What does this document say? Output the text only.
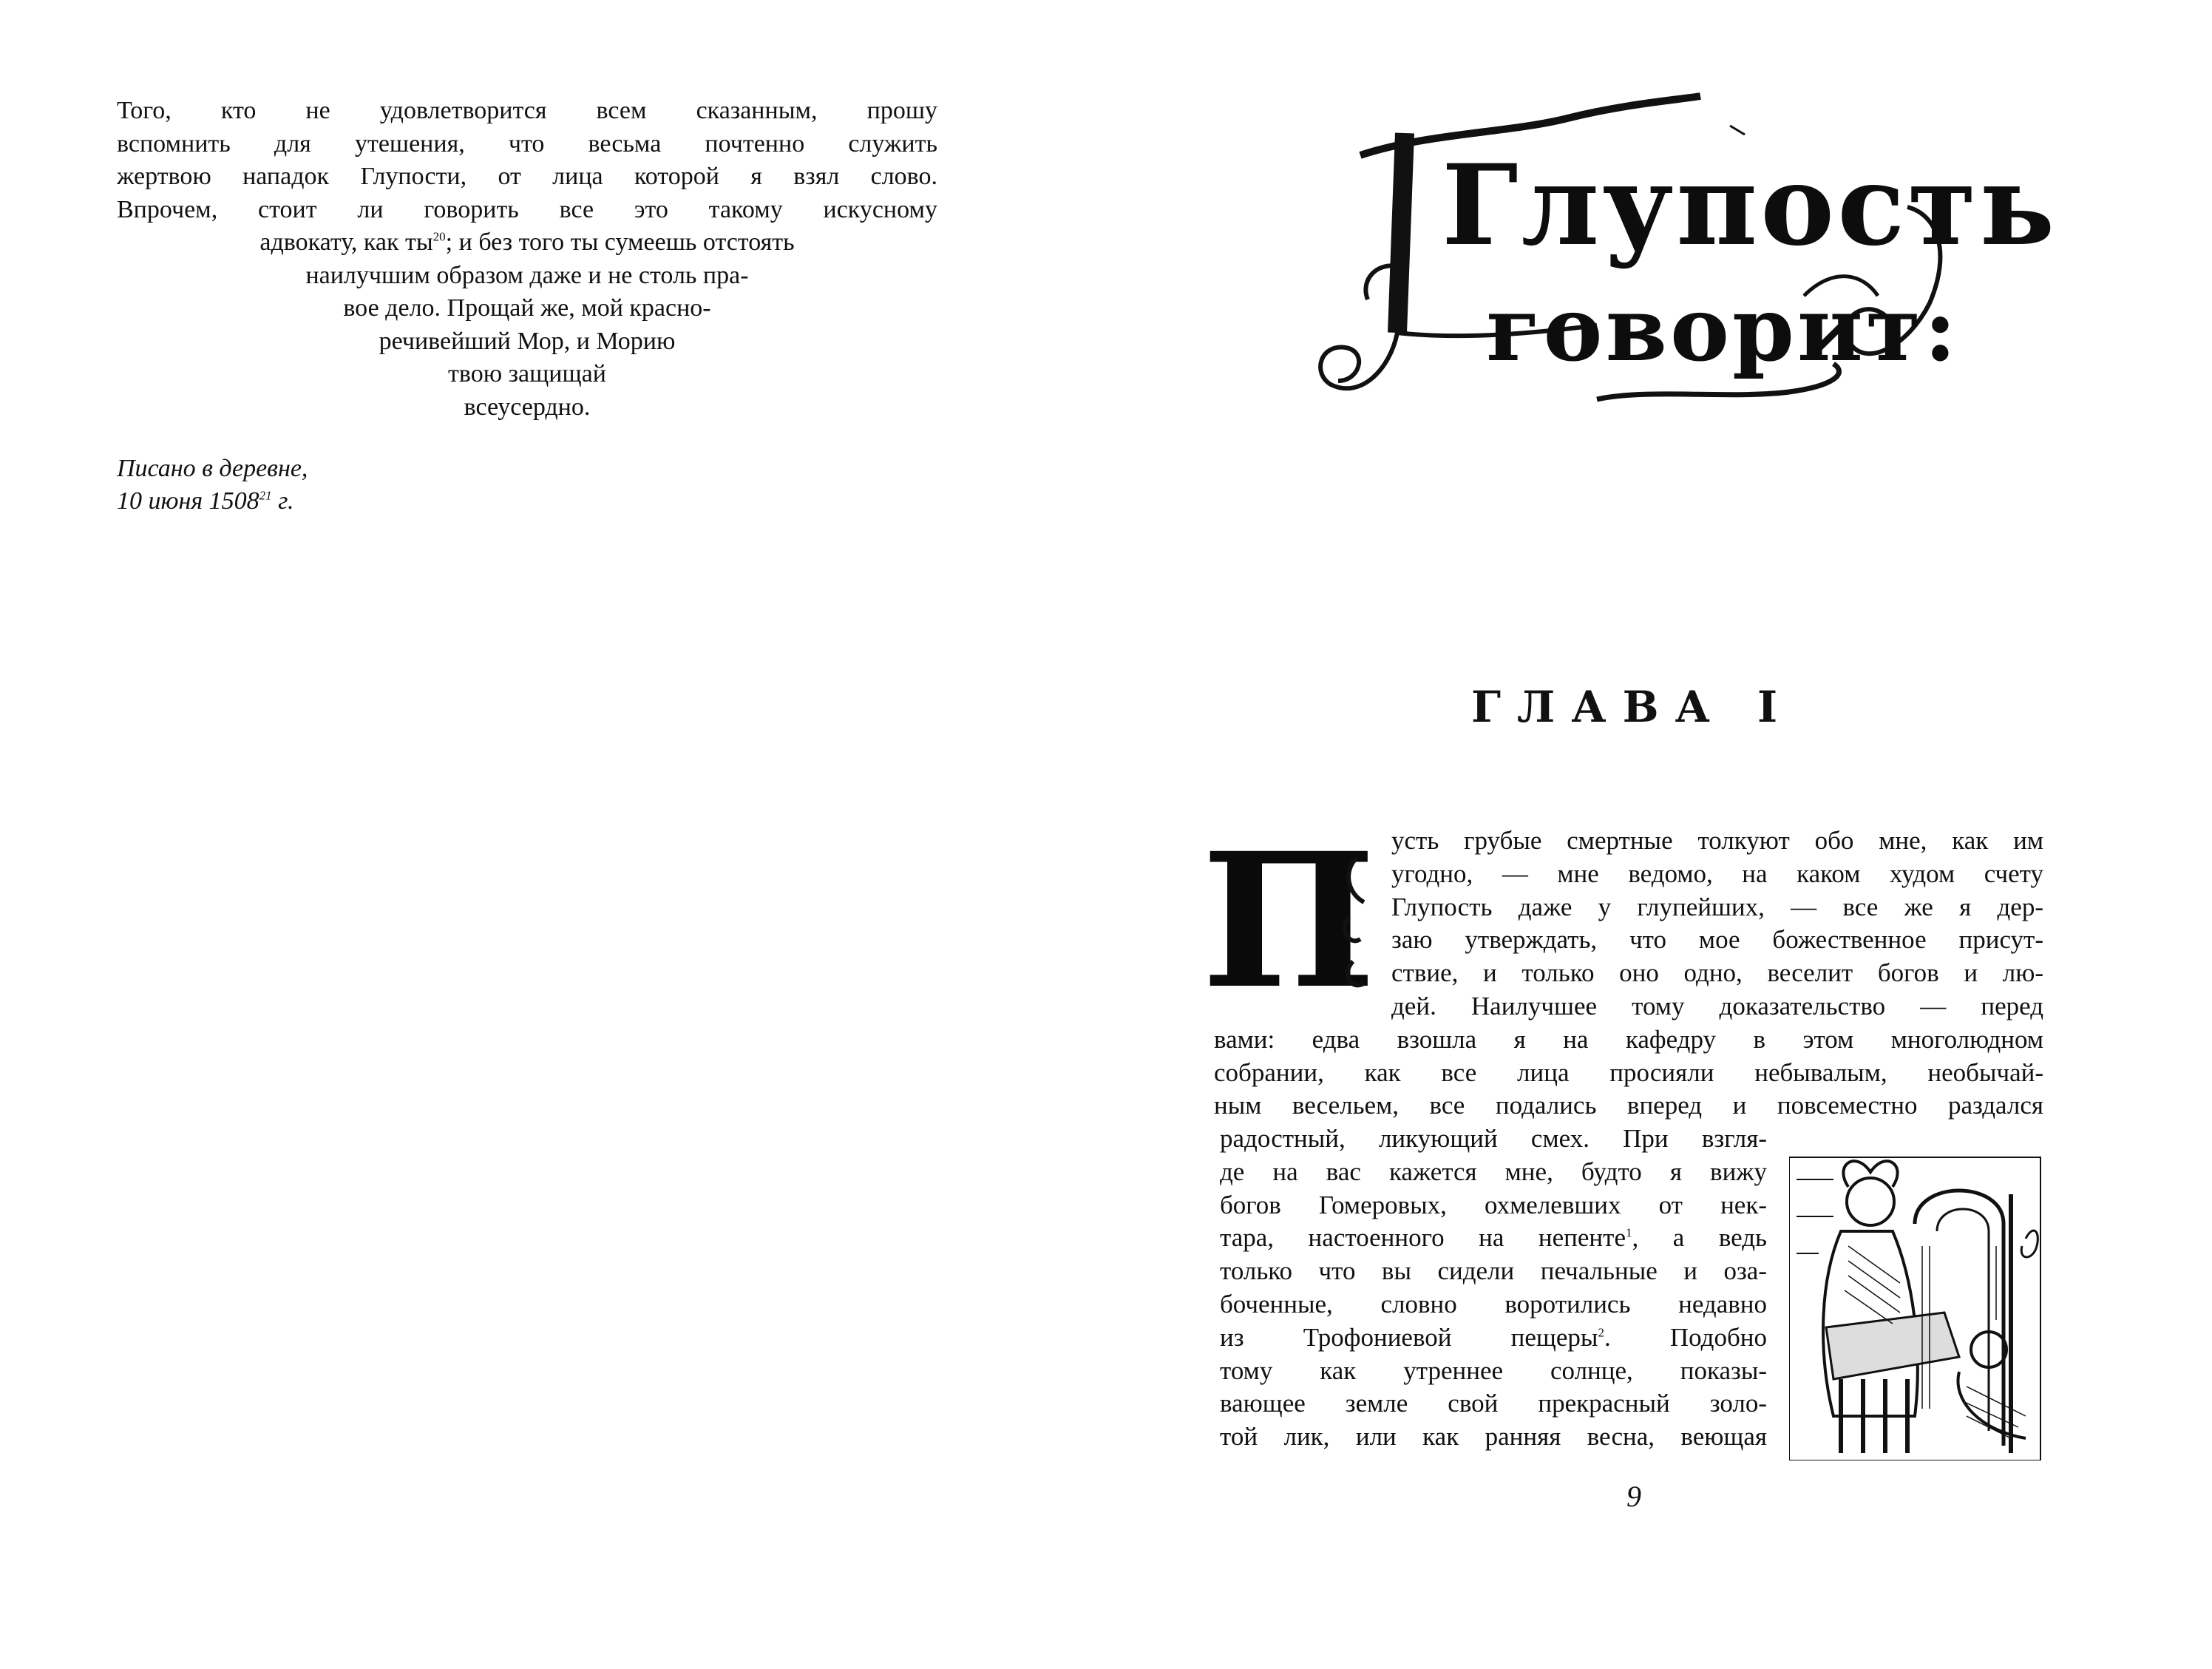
Того, кто не удовлетворится всем сказанным, прошу
вспомнить для утешения, что весьма почтенно служить
жертвою нападок Глупости, от лица которой я взял слово.
Впрочем, стоит ли говорить все это такому искусному
адвокату, как $ты^{20}$; и без того ты сумеешь отстоять
наилучшим образом даже и не столь пра-
вое дело. Прощай же, мой красно-
речивейший Мор, и Морию
твою защищай
всеусердно.
Писано в деревне,
10 июня 1508$^{21}$ г.
Глупость
говорит:
ГЛАВА I
П усть грубые смертные толкуют обо мне, как им
угодно, — мне ведомо, на каком худом счету
Глупость даже у глупейших, — все же я дер-
заю утверждать, что мое божественное присут-
ствие, и только оно одно, веселит богов и лю-
дей. Наилучшее тому доказательство — перед
вами: едва взошла я на кафедру в этом многолюдном
собрании, как все лица просияли небывалым, необычай-
ным весельем, все подались вперед и повсеместно раздался
радостный, ликующий смех. При взгля-
де на вас кажется мне, будто я вижу
богов Гомеровых, охмелевших от нек-
тара, настоенного на непенте$^1$, а ведь
только что вы сидели печальные и оза-
боченные, словно воротились недавно
из Трофониевой пещеры$^2$. Подобно
тому как утреннее солнце, показы-
вающее земле свой прекрасный золо-
той лик, или как ранняя весна, веющая
9
